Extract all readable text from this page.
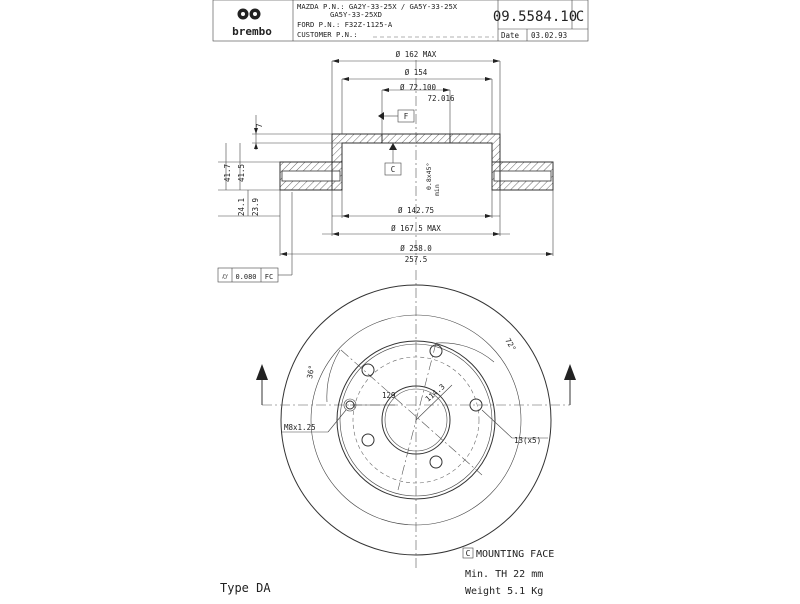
brembo
MAZDA P.N.: GA2Y-33-25X / GA5Y-33-25X
GA5Y-33-25XD
FORD P.N.: F32Z-1125-A
CUSTOMER P.N.:
09.5584.10
C
Date 03.02.93
Ø 162 MAX
Ø 154
Ø 72.100
72.016
F
C	0.8x45°
min
Ø 142.75
Ø 167.5 MAX
Ø 258.0
257.5
7
41.7 41.5
24.1 23.9
⌭ 0.080 FC
72°
36°
129	114.3
M8x1.25
13(x5)
C MOUNTING FACE
Min. TH 22 mm
Weight 5.1 Kg
Type DA
